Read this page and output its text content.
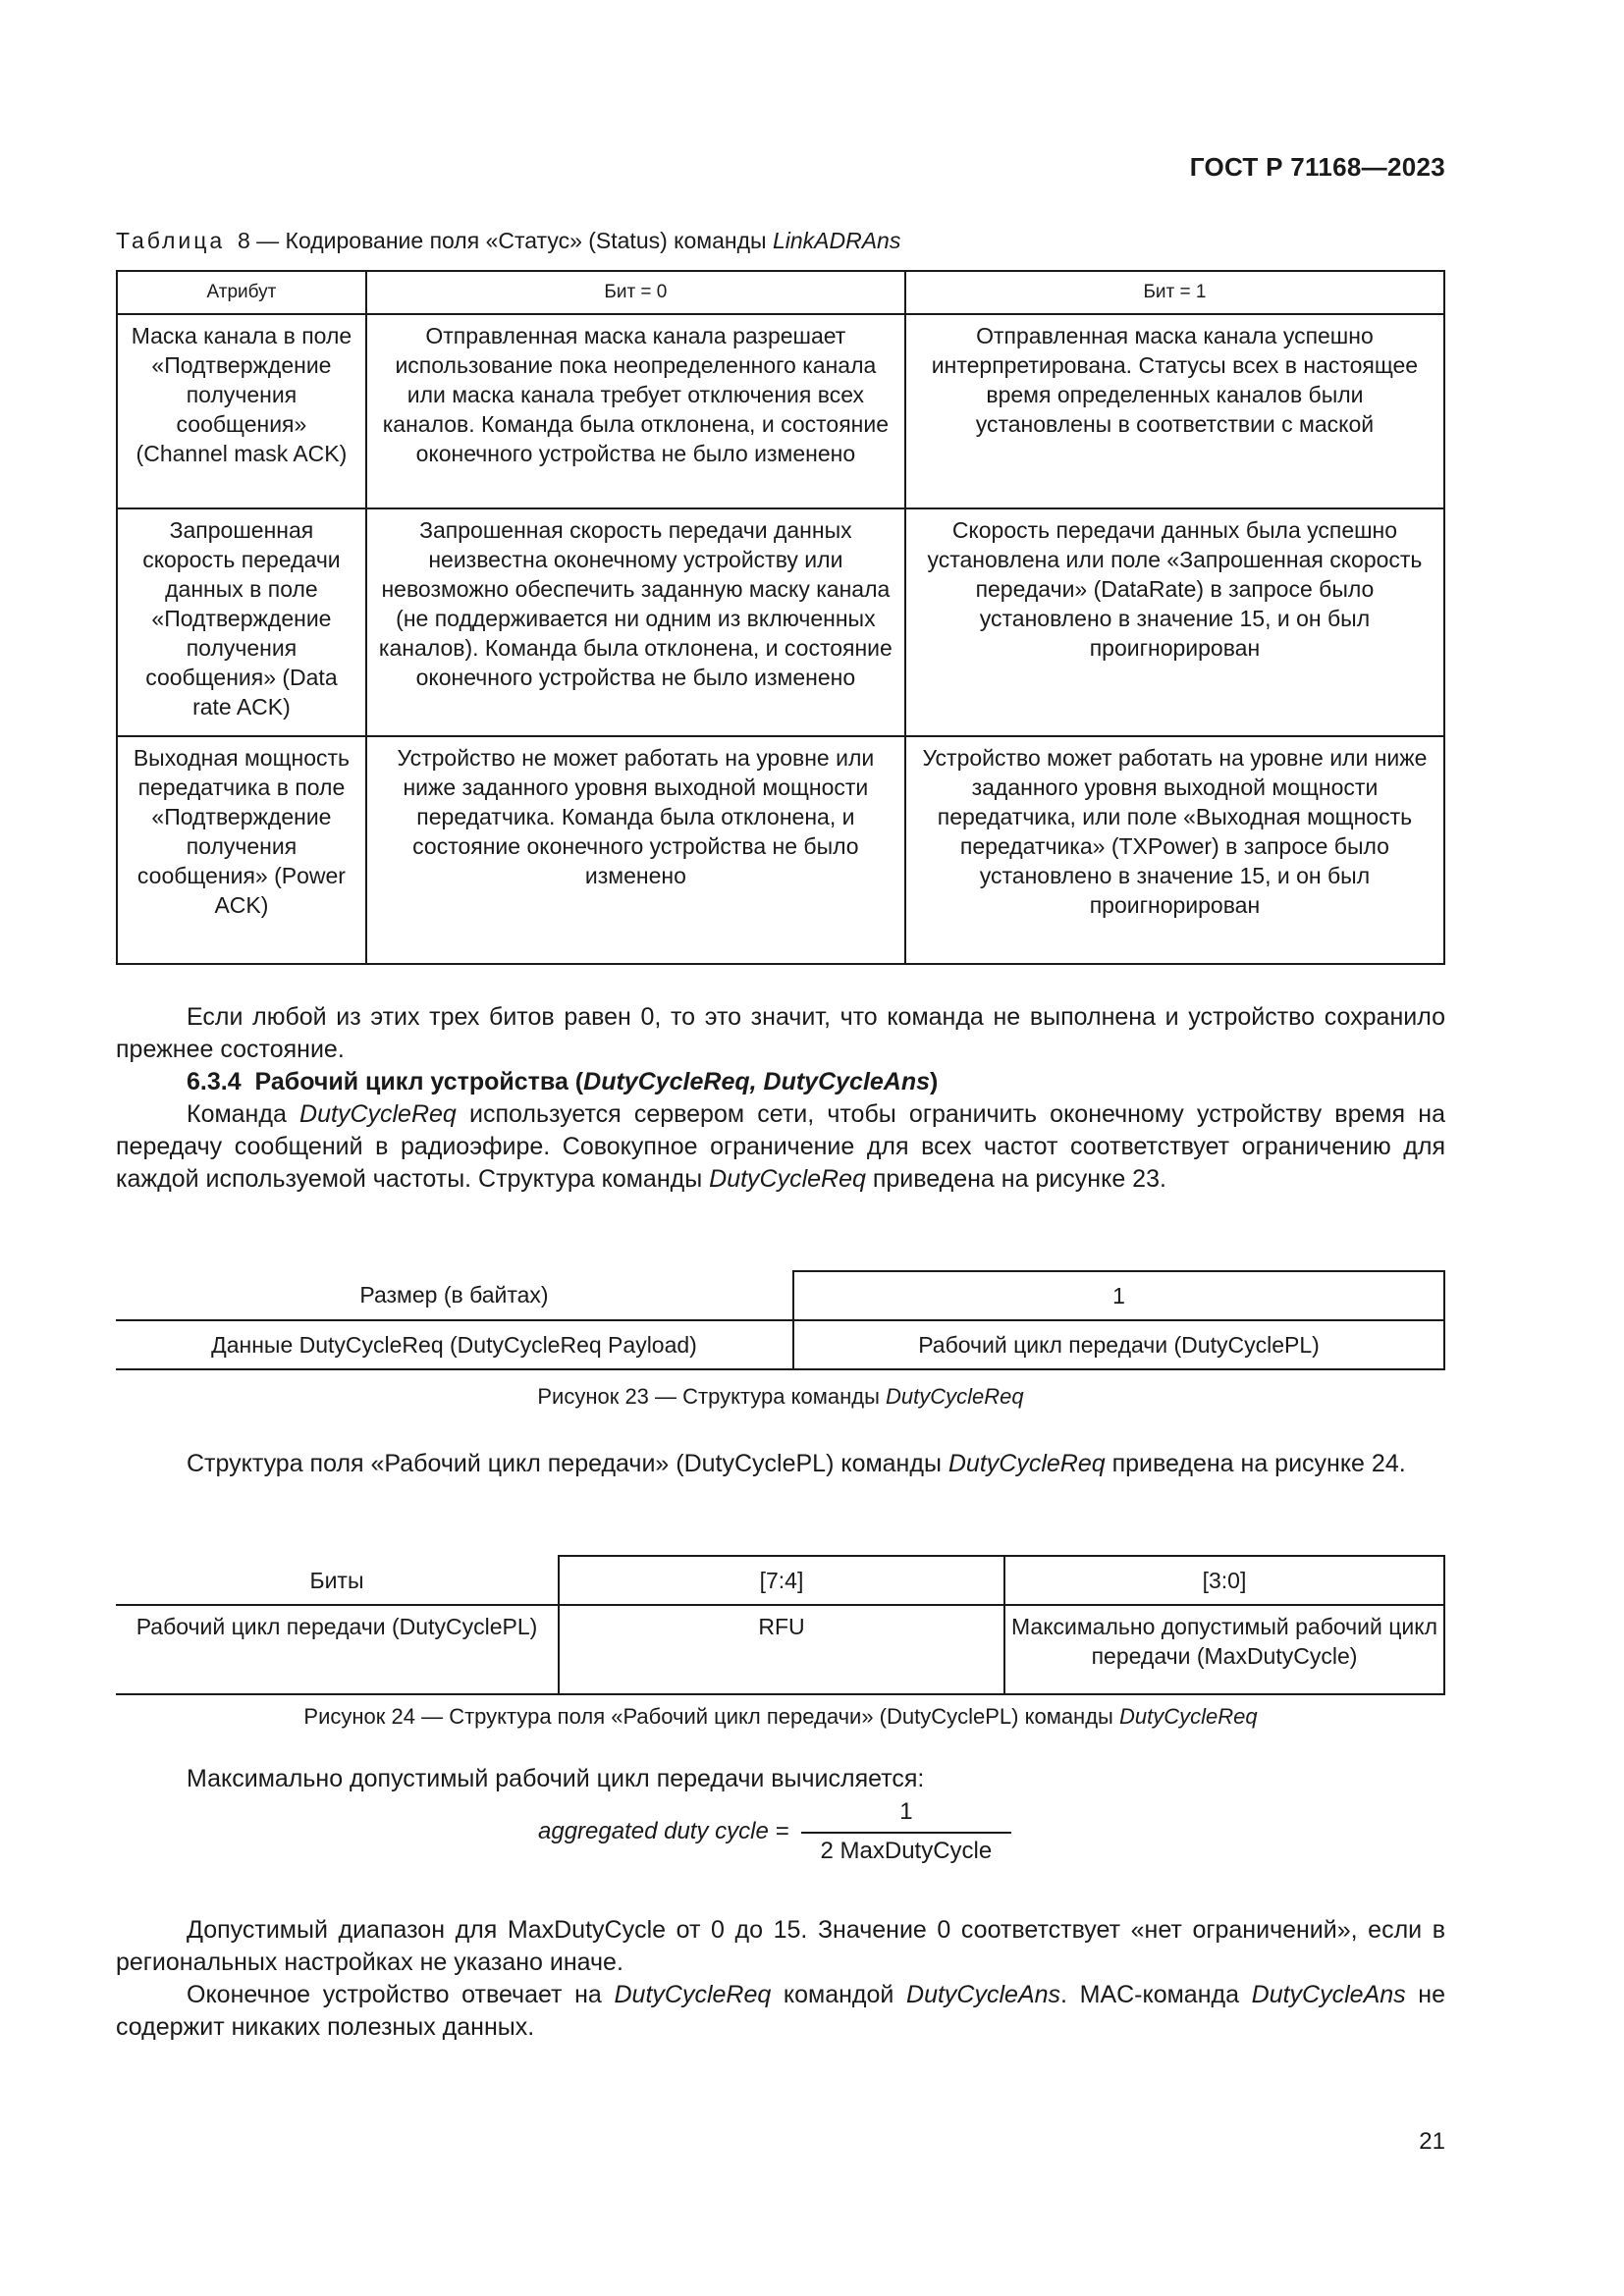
ГОСТ Р 71168—2023
Таблица 8 — Кодирование поля «Статус» (Status) команды LinkADRAns
Атрибут	Бит = 0	Бит = 1
Маска канала в поле «Подтверждение получения сообщения» (Channel mask ACK)	Отправленная маска канала разрешает использование пока неопределенного канала или маска канала требует отключения всех каналов. Команда была отклонена, и состояние оконечного устройства не было изменено	Отправленная маска канала успешно интерпретирована. Статусы всех в настоящее время определенных каналов были установлены в соответствии с маской
Запрошенная скорость передачи данных в поле «Подтверждение получения сообщения» (Data rate ACK)	Запрошенная скорость передачи данных неизвестна оконечному устройству или невозможно обеспечить заданную маску канала (не поддерживается ни одним из включенных каналов). Команда была отклонена, и состояние оконечного устройства не было изменено	Скорость передачи данных была успешно установлена или поле «Запрошенная скорость передачи» (DataRate) в запросе было установлено в значение 15, и он был проигнорирован
Выходная мощность передатчика в поле «Подтверждение получения сообщения» (Power ACK)	Устройство не может работать на уровне или ниже заданного уровня выходной мощности передатчика. Команда была отклонена, и состояние оконечного устройства не было изменено	Устройство может работать на уровне или ниже заданного уровня выходной мощности передатчика, или поле «Выходная мощность передатчика» (TXPower) в запросе было установлено в значение 15, и он был проигнорирован
Если любой из этих трех битов равен 0, то это значит, что команда не выполнена и устройство сохранило прежнее состояние.
6.3.4 Рабочий цикл устройства (DutyCycleReq, DutyCycleAns)
Команда DutyCycleReq используется сервером сети, чтобы ограничить оконечному устройству время на передачу сообщений в радиоэфире. Совокупное ограничение для всех частот соответствует ограничению для каждой используемой частоты. Структура команды DutyCycleReq приведена на рисунке 23.
Размер (в байтах)	1
Данные DutyCycleReq (DutyCycleReq Payload)	Рабочий цикл передачи (DutyCyclePL)
Рисунок 23 — Структура команды DutyCycleReq
Структура поля «Рабочий цикл передачи» (DutyCyclePL) команды DutyCycleReq приведена на рисунке 24.
Биты	[7:4]	[3:0]
Рабочий цикл передачи (DutyCyclePL)	RFU	Максимально допустимый рабочий цикл передачи (MaxDutyCycle)
Рисунок 24 — Структура поля «Рабочий цикл передачи» (DutyCyclePL) команды DutyCycleReq
Максимально допустимый рабочий цикл передачи вычисляется:
aggregated duty cycle = $\frac{1}{\text{2 MaxDutyCycle}}$
Допустимый диапазон для MaxDutyCycle от 0 до 15. Значение 0 соответствует «нет ограничений», если в региональных настройках не указано иначе.
Оконечное устройство отвечает на DutyCycleReq командой DutyCycleAns. MAC-команда DutyCycleAns не содержит никаких полезных данных.
21
